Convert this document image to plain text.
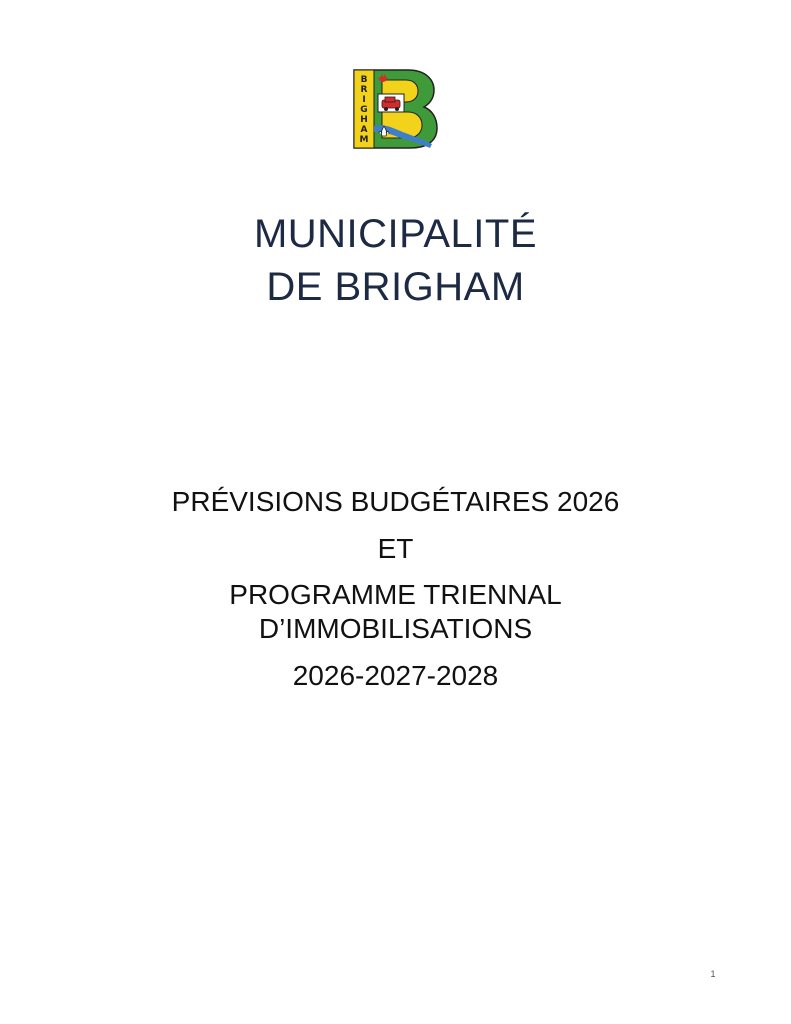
B
R
I
G
H
A
M
MUNICIPALITÉ
DE BRIGHAM
PRÉVISIONS BUDGÉTAIRES 2026
ET
PROGRAMME TRIENNAL
D’IMMOBILISATIONS
2026-2027-2028
1
